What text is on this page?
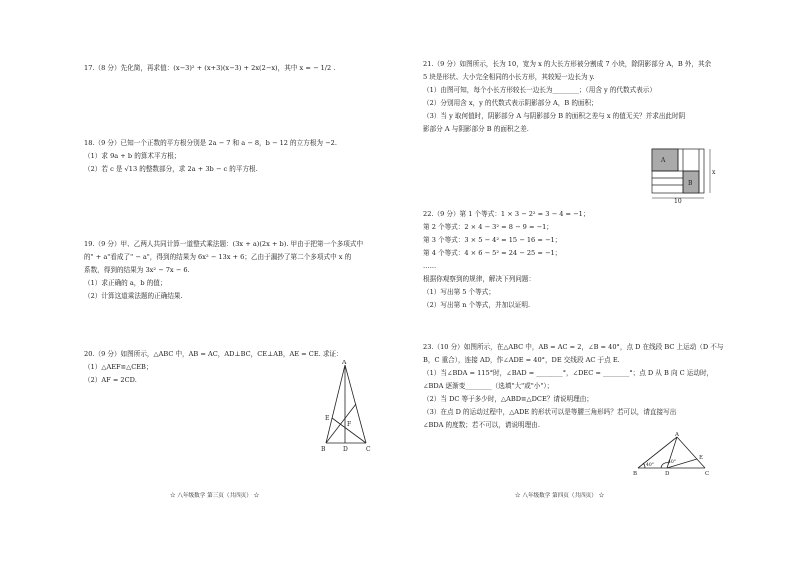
17.（8 分）先化简，再求值：(x−3)² + (x+3)(x−3) + 2x(2−x)，其中 x = − 1/2 .
18.（9 分）已知一个正数的平方根分别是 2a − 7 和 a − 8，b − 12 的立方根为 −2.
（1）求 9a + b 的算术平方根；
（2）若 c 是 √13 的整数部分，求 2a + 3b − c 的平方根.
19.（9 分）甲、乙两人共同计算一道整式乘法题：(3x + a)(2x + b). 甲由于把第一个多项式中
的" + a"看成了" − a"，得到的结果为 6x² − 13x + 6；乙由于漏抄了第二个多项式中 x 的
系数，得到的结果为 3x² − 7x − 6.
（1）求正确的 a，b 的值；
（2）计算这道乘法题的正确结果.
20.（9 分）如图所示，△ABC 中，AB = AC，AD⊥BC，CE⊥AB，AE = CE. 求证：
（1）△AEF≌△CEB；
（2）AF = 2CD.
A
E
F
B	D	C
☆ 八年级数学 第三页（共四页） ☆
21.（9 分）如图所示，长为 10，宽为 x 的大长方形被分割成 7 小块，除阴影部分 A，B 外，其余
5 块是形状、大小完全相同的小长方形，其较短一边长为 y.
（1）由图可知，每个小长方形较长一边长为________；（用含 y 的代数式表示）
（2）分别用含 x，y 的代数式表示阴影部分 A，B 的面积；
（3）当 y 取何值时，阴影部分 A 与阴影部分 B 的面积之差与 x 的值无关？并求出此时阴
影部分 A 与阴影部分 B 的面积之差.
A
B
10
x
22.（9 分）第 1 个等式：1 × 3 − 2² = 3 − 4 = −1；
第 2 个等式：2 × 4 − 3² = 8 − 9 = −1；
第 3 个等式：3 × 5 − 4² = 15 − 16 = −1；
第 4 个等式：4 × 6 − 5² = 24 − 25 = −1；
……
根据你观察到的规律，解决下列问题：
（1）写出第 5 个等式；
（2）写出第 n 个等式，并加以证明.
23.（10 分）如图所示，在△ABC 中，AB = AC = 2，∠B = 40°，点 D 在线段 BC 上运动（D 不与
B，C 重合），连接 AD，作∠ADE = 40°，DE 交线段 AC 于点 E.
（1）当∠BDA = 115°时，∠BAD = ________°，∠DEC = ________°；点 D 从 B 向 C 运动时，
∠BDA 逐渐变________（选填"大"或"小"）；
（2）当 DC 等于多少时，△ABD≌△DCE？请说明理由；
（3）在点 D 的运动过程中，△ADE 的形状可以是等腰三角形吗？若可以，请直接写出
∠BDA 的度数；若不可以，请说明理由.
A
B	D
E
C
40°
40°
☆ 八年级数学 第四页（共四页） ☆
